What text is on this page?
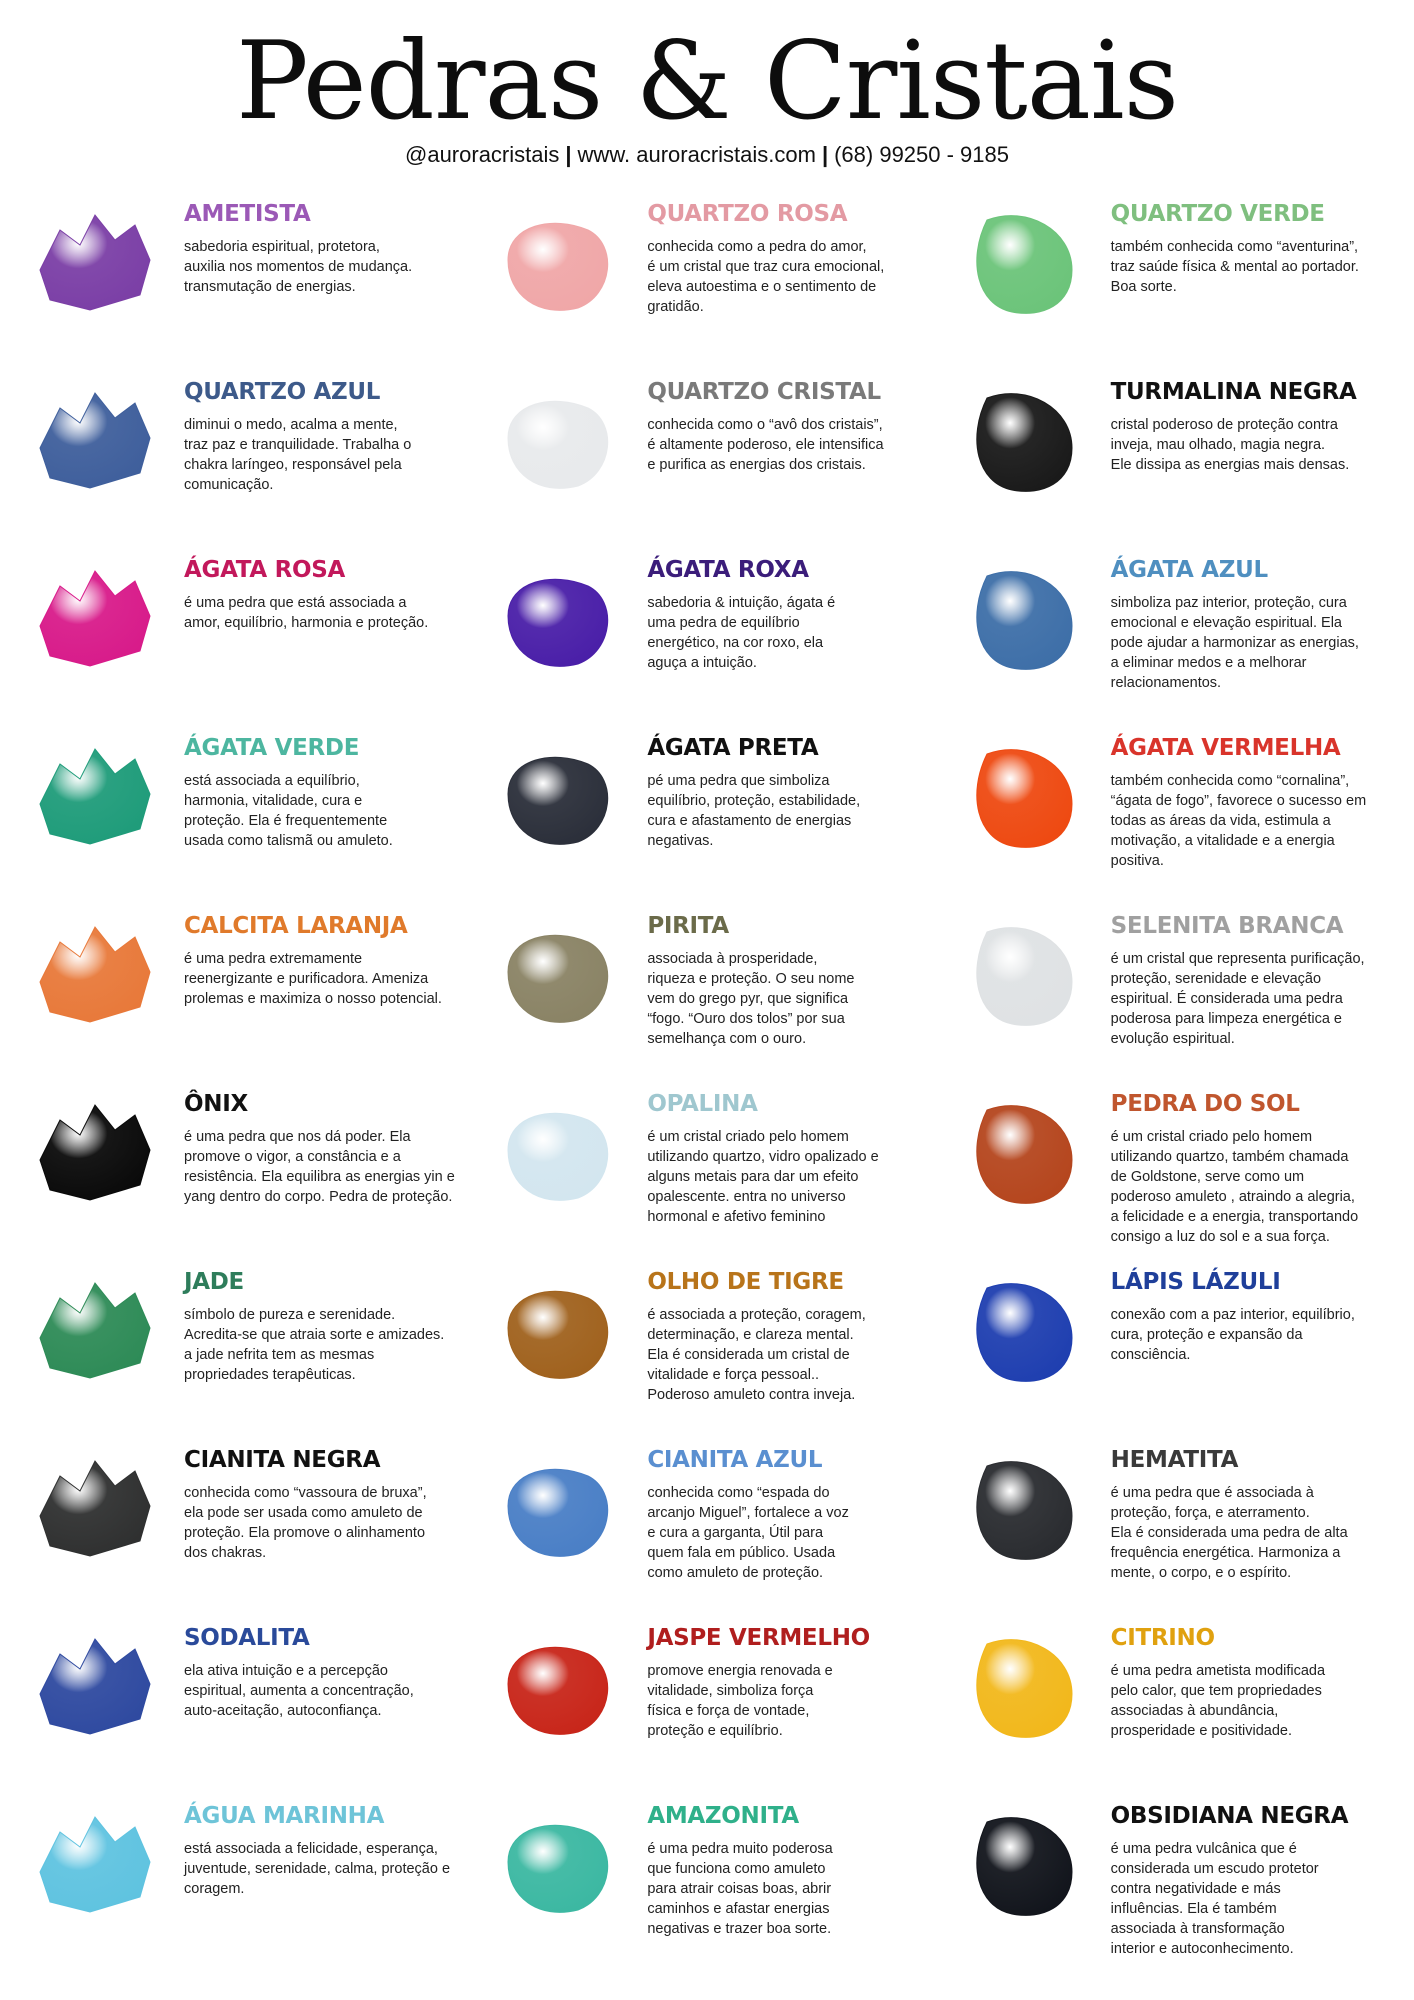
Pedras & Cristais
@auroracristais | www. auroracristais.com | (68) 99250 - 9185
AMETISTA
sabedoria espiritual, protetora,
auxilia nos momentos de mudança.
transmutação de energias.
QUARTZO ROSA
conhecida como a pedra do amor,
é um cristal que traz cura emocional,
eleva autoestima e o sentimento de
gratidão.
QUARTZO VERDE
também conhecida como “aventurina”,
traz saúde física & mental ao portador.
Boa sorte.
QUARTZO AZUL
diminui o medo, acalma a mente,
traz paz e tranquilidade. Trabalha o
chakra laríngeo, responsável pela
comunicação.
QUARTZO CRISTAL
conhecida como o “avô dos cristais”,
é altamente poderoso, ele intensifica
e purifica as energias dos cristais.
TURMALINA NEGRA
cristal poderoso de proteção contra
inveja, mau olhado, magia negra.
Ele dissipa as energias mais densas.
ÁGATA ROSA
é uma pedra que está associada a
amor, equilíbrio, harmonia e proteção.
ÁGATA ROXA
sabedoria & intuição, ágata é
uma pedra de equilíbrio
energético, na cor roxo, ela
aguça a intuição.
ÁGATA AZUL
simboliza paz interior, proteção, cura
emocional e elevação espiritual. Ela
pode ajudar a harmonizar as energias,
a eliminar medos e a melhorar
relacionamentos.
ÁGATA VERDE
está associada a equilíbrio,
harmonia, vitalidade, cura e
proteção. Ela é frequentemente
usada como talismã ou amuleto.
ÁGATA PRETA
pé uma pedra que simboliza
equilíbrio, proteção, estabilidade,
cura e afastamento de energias
negativas.
ÁGATA VERMELHA
também conhecida como “cornalina”,
“ágata de fogo”, favorece o sucesso em
todas as áreas da vida, estimula a
motivação, a vitalidade e a energia
positiva.
CALCITA LARANJA
é uma pedra extremamente
reenergizante e purificadora. Ameniza
prolemas e maximiza o nosso potencial.
PIRITA
associada à prosperidade,
riqueza e proteção. O seu nome
vem do grego pyr, que significa
“fogo. “Ouro dos tolos” por sua
semelhança com o ouro.
SELENITA BRANCA
é um cristal que representa purificação,
proteção, serenidade e elevação
espiritual. É considerada uma pedra
poderosa para limpeza energética e
evolução espiritual.
ÔNIX
é uma pedra que nos dá poder. Ela
promove o vigor, a constância e a
resistência. Ela equilibra as energias yin e
yang dentro do corpo. Pedra de proteção.
OPALINA
é um cristal criado pelo homem
utilizando quartzo, vidro opalizado e
alguns metais para dar um efeito
opalescente. entra no universo
hormonal e afetivo feminino
PEDRA DO SOL
é um cristal criado pelo homem
utilizando quartzo, também chamada
de Goldstone, serve como um
poderoso amuleto , atraindo a alegria,
a felicidade e a energia, transportando
consigo a luz do sol e a sua força.
JADE
símbolo de pureza e serenidade.
Acredita-se que atraia sorte e amizades.
a jade nefrita tem as mesmas
propriedades terapêuticas.
OLHO DE TIGRE
é associada a proteção, coragem,
determinação, e clareza mental.
Ela é considerada um cristal de
vitalidade e força pessoal..
Poderoso amuleto contra inveja.
LÁPIS LÁZULI
conexão com a paz interior, equilíbrio,
cura, proteção e expansão da
consciência.
CIANITA NEGRA
conhecida como “vassoura de bruxa”,
ela pode ser usada como amuleto de
proteção. Ela promove o alinhamento
dos chakras.
CIANITA AZUL
conhecida como “espada do
arcanjo Miguel”, fortalece a voz
e cura a garganta, Útil para
quem fala em público. Usada
como amuleto de proteção.
HEMATITA
é uma pedra que é associada à
proteção, força, e aterramento.
Ela é considerada uma pedra de alta
frequência energética. Harmoniza a
mente, o corpo, e o espírito.
SODALITA
ela ativa intuição e a percepção
espiritual, aumenta a concentração,
auto-aceitação, autoconfiança.
JASPE VERMELHO
promove energia renovada e
vitalidade, simboliza força
física e força de vontade,
proteção e equilíbrio.
CITRINO
é uma pedra ametista modificada
pelo calor, que tem propriedades
associadas à abundância,
prosperidade e positividade.
ÁGUA MARINHA
está associada a felicidade, esperança,
juventude, serenidade, calma, proteção e
coragem.
AMAZONITA
é uma pedra muito poderosa
que funciona como amuleto
para atrair coisas boas, abrir
caminhos e afastar energias
negativas e trazer boa sorte.
OBSIDIANA NEGRA
é uma pedra vulcânica que é
considerada um escudo protetor
contra negatividade e más
influências. Ela é também
associada à transformação
interior e autoconhecimento.
